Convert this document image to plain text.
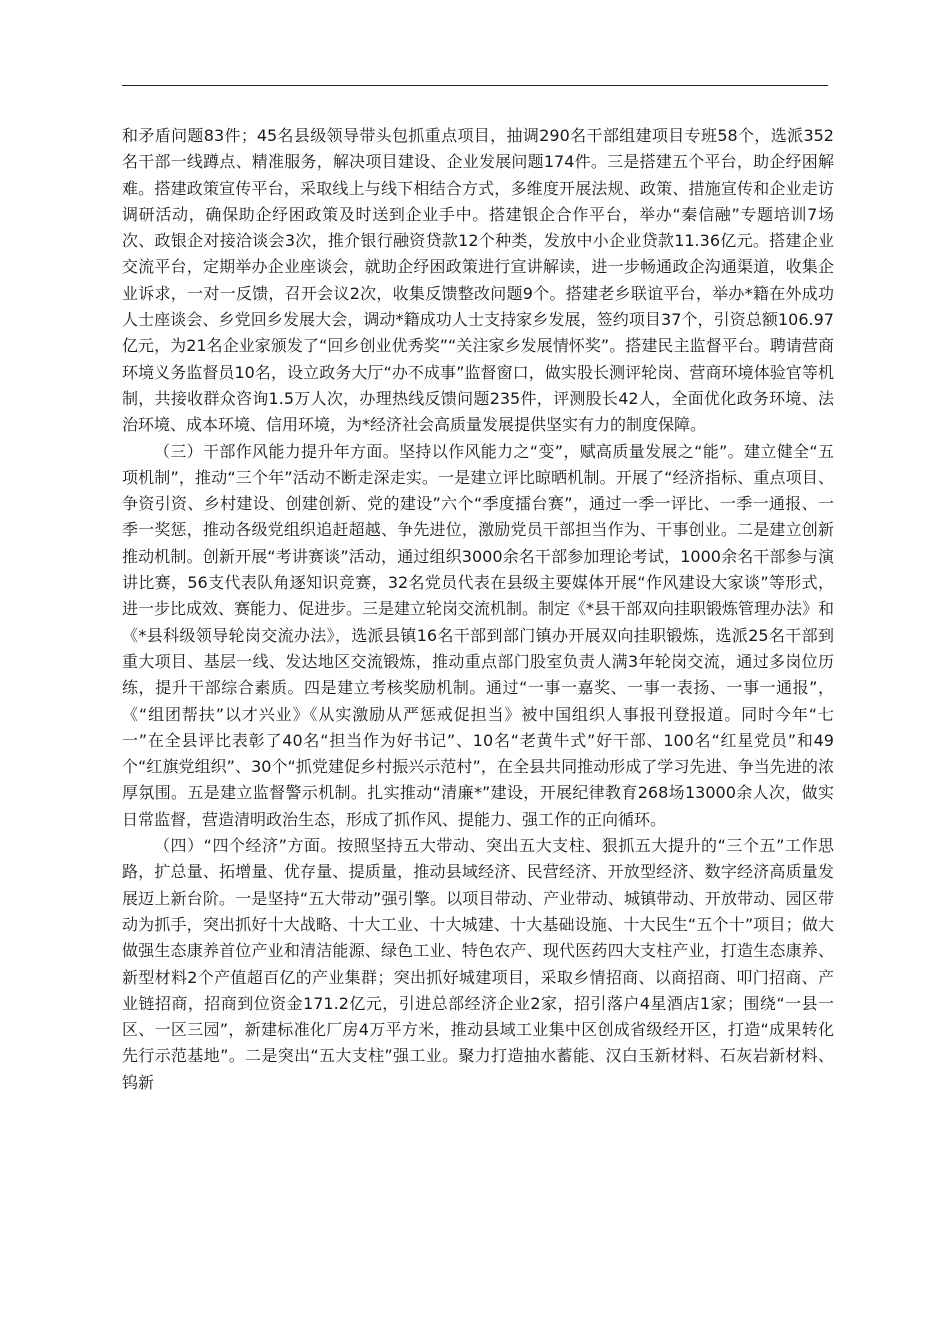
和矛盾问题83件；45名县级领导带头包抓重点项目，抽调290名干部组建项目专班58个，选派352名干部一线蹲点、精准服务，解决项目建设、企业发展问题174件。三是搭建五个平台，助企纾困解难。搭建政策宣传平台，采取线上与线下相结合方式，多维度开展法规、政策、措施宣传和企业走访调研活动，确保助企纾困政策及时送到企业手中。搭建银企合作平台，举办“秦信融”专题培训7场次、政银企对接洽谈会3次，推介银行融资贷款12个种类，发放中小企业贷款11.36亿元。搭建企业交流平台，定期举办企业座谈会，就助企纾困政策进行宣讲解读，进一步畅通政企沟通渠道，收集企业诉求，一对一反馈，召开会议2次，收集反馈整改问题9个。搭建老乡联谊平台，举办*籍在外成功人士座谈会、乡党回乡发展大会，调动*籍成功人士支持家乡发展，签约项目37个，引资总额106.97亿元，为21名企业家颁发了“回乡创业优秀奖”“关注家乡发展情怀奖”。搭建民主监督平台。聘请营商环境义务监督员10名，设立政务大厅“办不成事”监督窗口，做实股长测评轮岗、营商环境体验官等机制，共接收群众咨询1.5万人次，办理热线反馈问题235件，评测股长42人，全面优化政务环境、法治环境、成本环境、信用环境，为*经济社会高质量发展提供坚实有力的制度保障。

（三）干部作风能力提升年方面。坚持以作风能力之“变”，赋高质量发展之“能”。建立健全“五项机制”，推动“三个年”活动不断走深走实。一是建立评比晾晒机制。开展了“经济指标、重点项目、争资引资、乡村建设、创建创新、党的建设”六个“季度擂台赛”，通过一季一评比、一季一通报、一季一奖惩，推动各级党组织追赶超越、争先进位，激励党员干部担当作为、干事创业。二是建立创新推动机制。创新开展“考讲赛谈”活动，通过组织3000余名干部参加理论考试，1000余名干部参与演讲比赛，56支代表队角逐知识竞赛，32名党员代表在县级主要媒体开展“作风建设大家谈”等形式，进一步比成效、赛能力、促进步。三是建立轮岗交流机制。制定《*县干部双向挂职锻炼管理办法》和《*县科级领导轮岗交流办法》，选派县镇16名干部到部门镇办开展双向挂职锻炼，选派25名干部到重大项目、基层一线、发达地区交流锻炼，推动重点部门股室负责人满3年轮岗交流，通过多岗位历练，提升干部综合素质。四是建立考核奖励机制。通过“一事一嘉奖、一事一表扬、一事一通报”，《“组团帮扶”以才兴业》《从实激励从严惩戒促担当》被中国组织人事报刊登报道。同时今年“七一”在全县评比表彰了40名“担当作为好书记”、10名“老黄牛式”好干部、100名“红星党员”和49个“红旗党组织”、30个“抓党建促乡村振兴示范村”，在全县共同推动形成了学习先进、争当先进的浓厚氛围。五是建立监督警示机制。扎实推动“清廉*”建设，开展纪律教育268场13000余人次，做实日常监督，营造清明政治生态，形成了抓作风、提能力、强工作的正向循环。

（四）“四个经济”方面。按照坚持五大带动、突出五大支柱、狠抓五大提升的“三个五”工作思路，扩总量、拓增量、优存量、提质量，推动县域经济、民营经济、开放型经济、数字经济高质量发展迈上新台阶。一是坚持“五大带动”强引擎。以项目带动、产业带动、城镇带动、开放带动、园区带动为抓手，突出抓好十大战略、十大工业、十大城建、十大基础设施、十大民生“五个十”项目；做大做强生态康养首位产业和清洁能源、绿色工业、特色农产、现代医药四大支柱产业，打造生态康养、新型材料2个产值超百亿的产业集群；突出抓好城建项目，采取乡情招商、以商招商、叩门招商、产业链招商，招商到位资金171.2亿元，引进总部经济企业2家，招引落户4星酒店1家；围绕“一县一区、一区三园”，新建标准化厂房4万平方米，推动县域工业集中区创成省级经开区，打造“成果转化先行示范基地”。二是突出“五大支柱”强工业。聚力打造抽水蓄能、汉白玉新材料、石灰岩新材料、钨新
